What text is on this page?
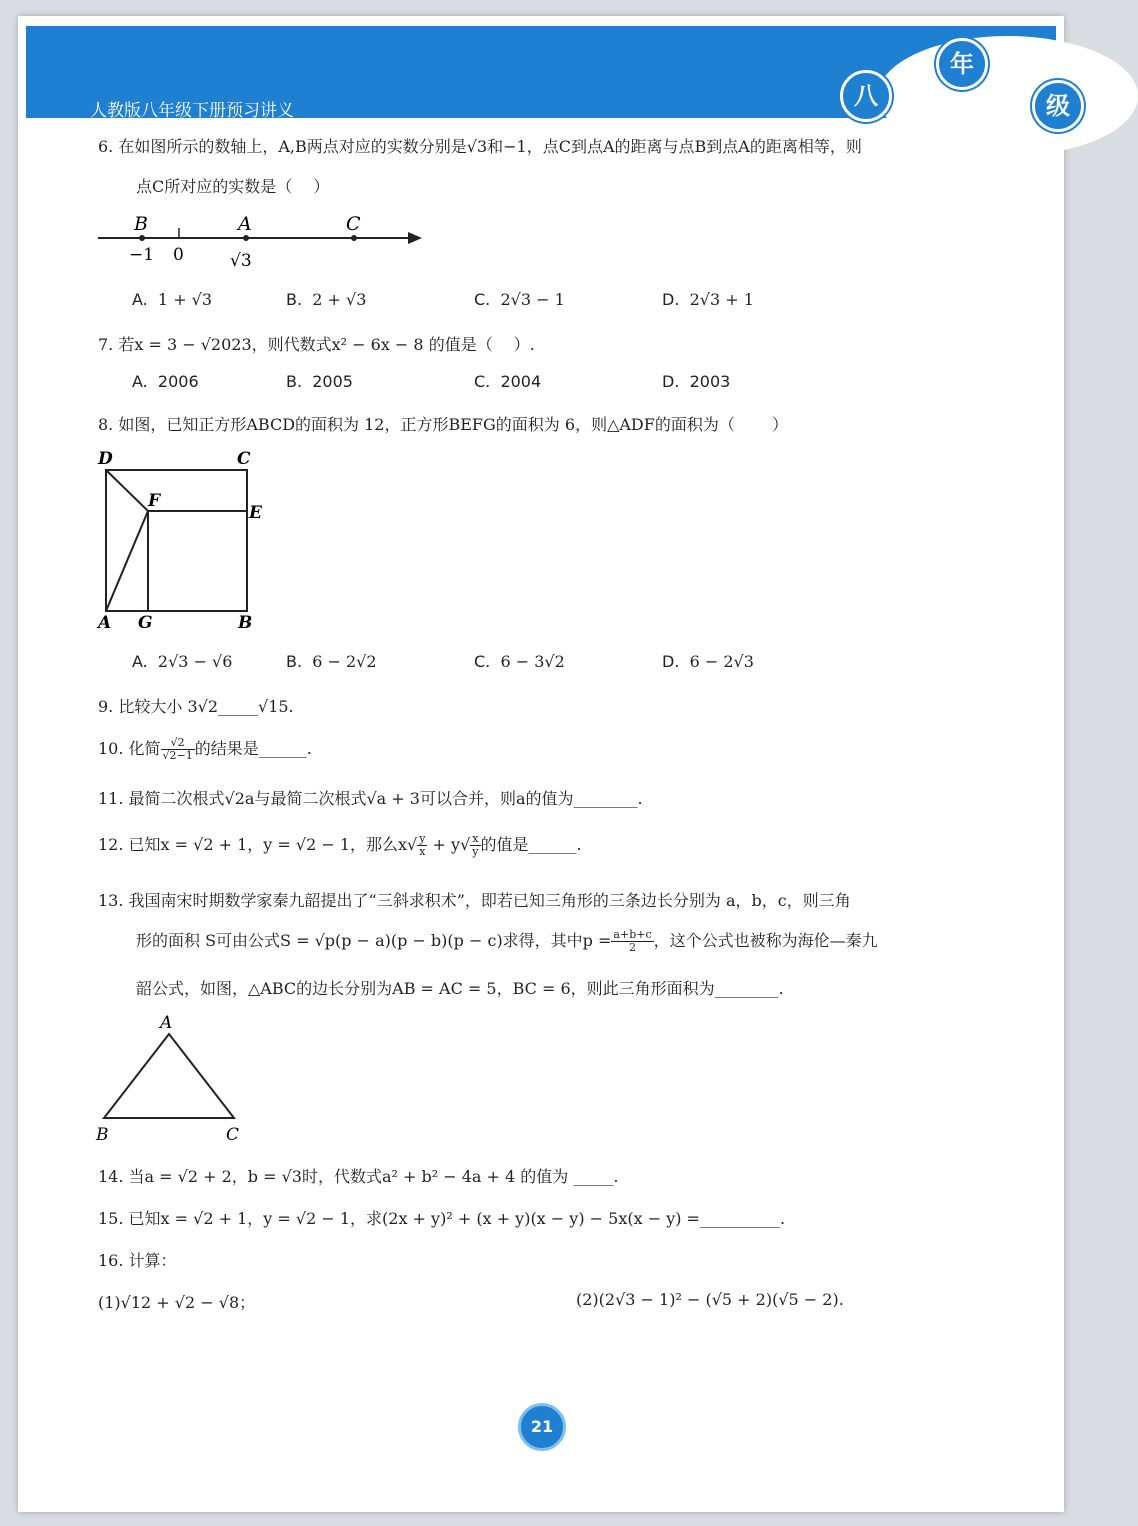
人教版八年级下册预习讲义
八
年
级
6. 在如图所示的数轴上，A,B两点对应的实数分别是√3和−1，点C到点A的距离与点B到点A的距离相等，则
点C所对应的实数是（　 ）
B	A	C
−1 0	√3
A. 1 + √3	B. 2 + √3	C. 2√3 − 1	D. 2√3 + 1
7. 若x = 3 − √2023，则代数式x² − 6x − 8 的值是（　 ）.
A. 2006	B. 2005	C. 2004	D. 2003
8. 如图，已知正方形ABCD的面积为 12，正方形BEFG的面积为 6，则△ADF的面积为（　　 ）
D	C
F
E
A G	B
A. 2√3 − √6	B. 6 − 2√2	C. 6 − 3√2	D. 6 − 2√3
9. 比较大小 3√2_____√15.
10. 化简 $\frac{√2}{√2-1}$ 的结果是______.
11. 最简二次根式√2a与最简二次根式√a + 3可以合并，则a的值为________.
12. 已知x = √2 + 1，y = √2 − 1，那么$x√ \frac{y}{x} + y√ \frac{x}{y}$ 的值是______.
13. 我国南宋时期数学家秦九韶提出了“三斜求积术”，即若已知三角形的三条边长分别为 a，b，c，则三角
形的面积 S可由公式S = √p(p − a)(p − b)(p − c)求得，其中$p = \frac{a+b+c}{2}$ ，这个公式也被称为海伦—秦九
韶公式，如图，△ABC的边长分别为AB = AC = 5，BC = 6，则此三角形面积为________.
A
B	C
14. 当a = √2 + 2，b = √3时，代数式a² + b² − 4a + 4 的值为 _____.
15. 已知x = √2 + 1，y = √2 − 1，求(2x + y)² + (x + y)(x − y) − 5x(x − y) =__________.
16. 计算：
(1)√12 + √2 − √8；	(2)(2√3 − 1)² − (√5 + 2)(√5 − 2).
21
